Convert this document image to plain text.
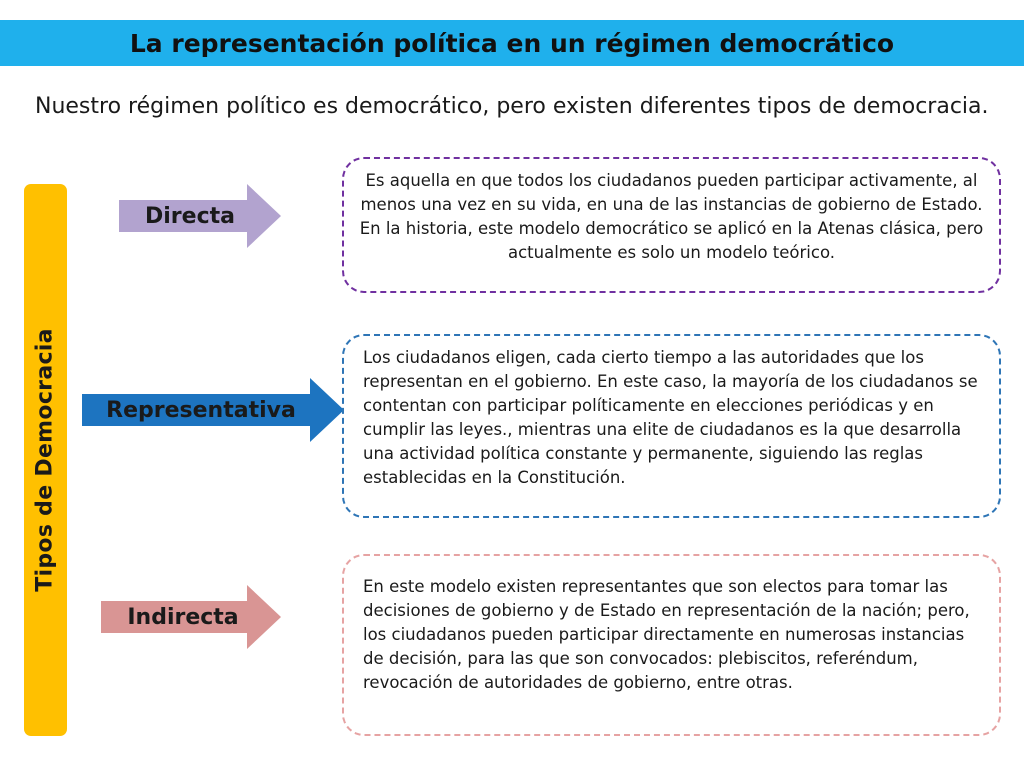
La representación política en un régimen democrático
Nuestro régimen político es democrático, pero existen diferentes tipos de democracia.
Tipos de Democracia
Directa
Representativa
Indirecta

Es aquella en que todos los ciudadanos pueden participar activamente, al menos una vez en su vida, en una de las instancias de gobierno de Estado. En la historia, este modelo democrático se aplicó en la Atenas clásica, pero actualmente es solo un modelo teórico.

Los ciudadanos eligen, cada cierto tiempo a las autoridades que los representan en el gobierno. En este caso, la mayoría de los ciudadanos se contentan con participar políticamente en elecciones periódicas y en cumplir las leyes., mientras una elite de ciudadanos es la que desarrolla una actividad política constante y permanente, siguiendo las reglas establecidas en la Constitución.

En este modelo existen representantes que son electos para tomar las decisiones de gobierno y de Estado en representación de la nación; pero, los ciudadanos pueden participar directamente en numerosas instancias de decisión, para las que son convocados: plebiscitos, referéndum, revocación de autoridades de gobierno, entre otras.
